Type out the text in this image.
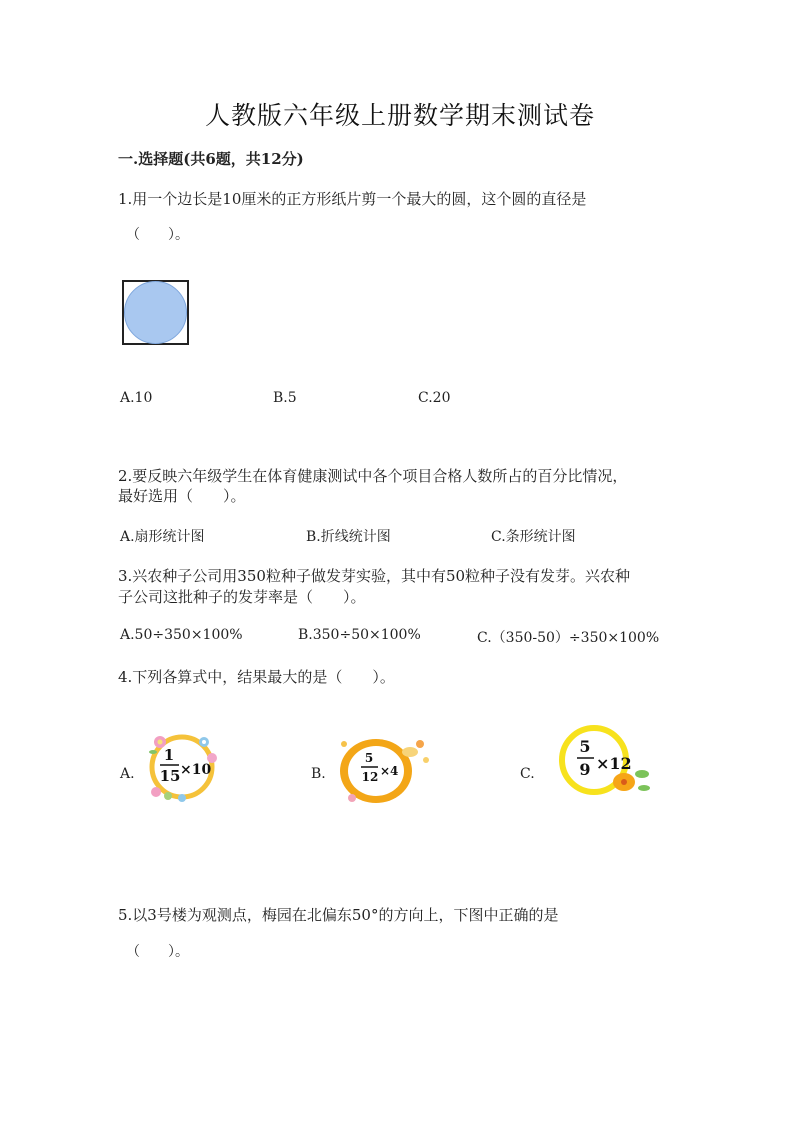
人教版六年级上册数学期末测试卷
一.选择题(共6题，共12分)
1.用一个边长是10厘米的正方形纸片剪一个最大的圆，这个圆的直径是
（　　）。
A.10	B.5	C.20
2.要反映六年级学生在体育健康测试中各个项目合格人数所占的百分比情况，
最好选用（　　）。
A.扇形统计图	B.折线统计图	C.条形统计图
3.兴农种子公司用350粒种子做发芽实验，其中有50粒种子没有发芽。兴农种
子公司这批种子的发芽率是（　　）。
A.50÷350×100%	B.350÷50×100%	C.（350-50）÷350×100%
4.下列各算式中，结果最大的是（　　）。
A.
1
15 ×10	B.
5
12 ×4	C.
5
9 ×12
5.以3号楼为观测点，梅园在北偏东50°的方向上，下图中正确的是
（　　）。
